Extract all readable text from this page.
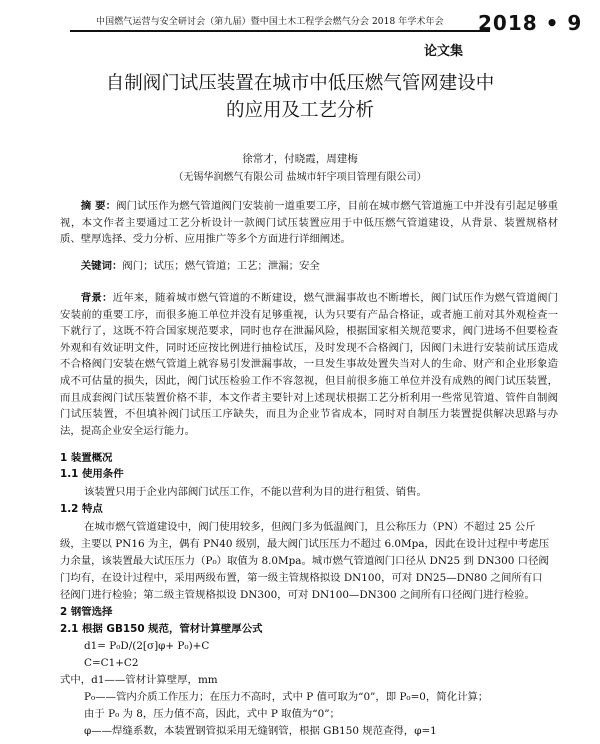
中国燃气运营与安全研讨会（第九届）暨中国土木工程学会燃气分会 2018 年学术年会	2018 • 9
论文集
自制阀门试压装置在城市中低压燃气管网建设中
的应用及工艺分析
徐常才，付晓霞，周建梅
（无锡华润燃气有限公司 盐城市轩宇项目管理有限公司）
摘 要：阀门试压作为燃气管道阀门安装前一道重要工序，目前在城市燃气管道施工中并没有引起足够重视，本文作者主要通过工艺分析设计一款阀门试压装置应用于中低压燃气管道建设，从背景、装置规格材质、壁厚选择、受力分析、应用推广等多个方面进行详细阐述。
关键词：阀门；试压；燃气管道；工艺；泄漏；安全
背景：近年来，随着城市燃气管道的不断建设，燃气泄漏事故也不断增长，阀门试压作为燃气管道阀门安装前的重要工序，而很多施工单位并没有足够重视，认为只要有产品合格证，或者施工前对其外观检查一下就行了，这既不符合国家规范要求，同时也存在泄漏风险，根据国家相关规范要求，阀门进场不但要检查外观和有效证明文件，同时还应按比例进行抽检试压，及时发现不合格阀门，因阀门未进行安装前试压造成不合格阀门安装在燃气管道上就容易引发泄漏事故，一旦发生事故处置失当对人的生命、财产和企业形象造成不可估量的损失，因此，阀门试压检验工作不容忽视，但目前很多施工单位并没有成熟的阀门试压装置，而且成套阀门试压装置价格不菲，本文作者主要针对上述现状根据工艺分析利用一些常见管道、管件自制阀门试压装置，不但填补阀门试压工序缺失，而且为企业节省成本，同时对自制压力装置提供解决思路与办法，提高企业安全运行能力。
1 装置概况
1.1 使用条件
该装置只用于企业内部阀门试压工作，不能以营利为目的进行租赁、销售。
1.2 特点
在城市燃气管道建设中，阀门使用较多，但阀门多为低温阀门，且公称压力（PN）不超过 25 公斤
级，主要以 PN16 为主，偶有 PN40 级别，最大阀门试压压力不超过 6.0Mpa，因此在设计过程中考虑压
力余量，该装置最大试压压力（P₀）取值为 8.0Mpa。城市燃气管道阀门口径从 DN25 到 DN300 口径阀
门均有，在设计过程中，采用两级布置，第一级主管规格拟设 DN100，可对 DN25—DN80 之间所有口
径阀门进行检验；第二级主管规格拟设 DN300，可对 DN100—DN300 之间所有口径阀门进行检验。
2 钢管选择
2.1 根据 GB150 规范，管材计算壁厚公式
d1= P₀D/(2[σ]φ+ P₀)+C
C=C1+C2
式中，d1——管材计算壁厚，mm
P₀——管内介质工作压力；在压力不高时，式中 P 值可取为“0”，即 P₀=0，简化计算；
由于 P₀ 为 8，压力值不高，因此，式中 P 取值为“0”；
φ——焊缝系数，本装置钢管拟采用无缝钢管，根据 GB150 规范查得，φ=1
